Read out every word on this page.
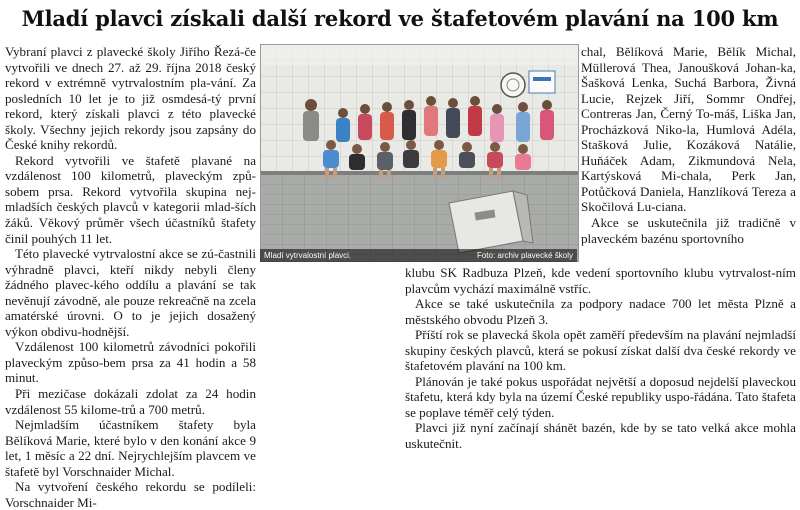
Mladí plavci získali další rekord ve štafetovém plavání na 100 km

Vybraní plavci z plavecké školy Jiřího Řezá-če vytvořili ve dnech 27. až 29. října 2018 český rekord v extrémně vytrvalostním pla-vání. Za posledních 10 let je to již osmdesá-tý první rekord, který získali plavci z této plavecké školy. Všechny jejich rekordy jsou zapsány do České knihy rekordů.

Rekord vytvořili ve štafetě plavané na vzdálenost 100 kilometrů, plaveckým způ-sobem prsa. Rekord vytvořila skupina nej-mladších českých plavců v kategorii mlad-ších žáků. Věkový průměr všech účastníků štafety činil pouhých 11 let.

Této plavecké vytrvalostní akce se zú-častnili výhradně plavci, kteří nikdy nebyli členy žádného plavec-kého oddílu a plavání se tak nevěnují závodně, ale pouze rekreačně na zcela amatérské úrovni. O to je jejich dosažený výkon obdivu-hodnější.

Vzdálenost 100 kilometrů závodníci pokořili plaveckým způso-bem prsa za 41 hodin a 58 minut.

Při mezičase dokázali zdolat za 24 hodin vzdálenost 55 kilome-trů a 700 metrů.

Nejmladším účastníkem štafety byla Bělíková Marie, které bylo v den konání akce 9 let, 1 měsíc a 22 dní. Nejrychlejším plavcem ve štafetě byl Vorschnaider Michal.

Na vytvoření českého rekordu se podíleli: Vorschnaider Mi-

Mladí vytrvalostní plavci.	Foto: archiv plavecké školy

chal, Bělíková Marie, Bělík Michal, Müllerová Thea, Janoušková Johan-ka, Šašková Lenka, Suchá Barbora, Živná Lucie, Rejzek Jiří, Sommr Ondřej, Contreras Jan, Černý To-máš, Liška Jan, Procházková Niko-la, Humlová Adéla, Stašková Julie, Kozáková Natálie, Huňáček Adam, Zikmundová Nela, Kartýsková Mi-chala, Perk Jan, Potůčková Daniela, Hanzlíková Tereza a Skočilová Lu-ciana.

Akce se uskutečnila již tradičně v plaveckém bazénu sportovního

klubu SK Radbuza Plzeň, kde vedení sportovního klubu vytrvalost-ním plavcům vychází maximálně vstříc.

Akce se také uskutečnila za podpory nadace 700 let města Plzně a městského obvodu Plzeň 3.

Příští rok se plavecká škola opět zaměří především na plavání nejmladší skupiny českých plavců, která se pokusí získat další dva české rekordy ve štafetovém plavání na 100 km.

Plánován je také pokus uspořádat největší a doposud nejdelší plaveckou štafetu, která kdy byla na území České republiky uspo-řádána. Tato štafeta se poplave téměř celý týden.

Plavci již nyní začínají shánět bazén, kde by se tato velká akce mohla uskutečnit.
